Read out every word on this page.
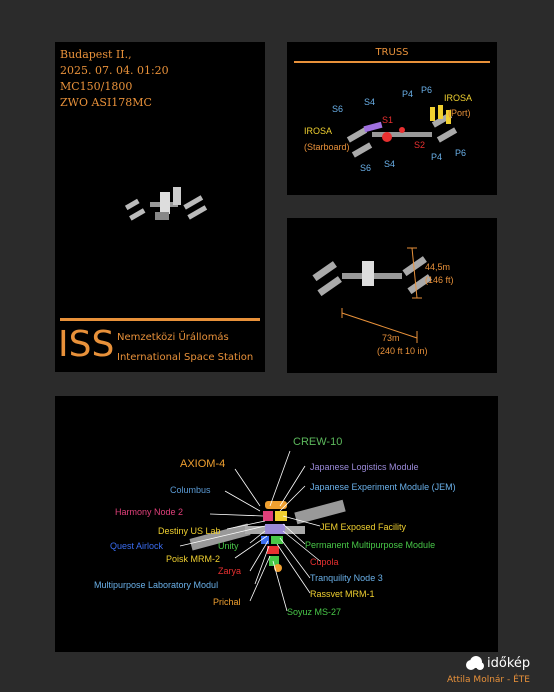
Budapest II.,
2025. 07. 04. 01:20
MC150/1800
ZWO ASI178MC
ISS Nemzetközi Űrállomás
International Space Station
TRUSS
S6
S4
P4 P6
S1
S2
S6 S4
P4 P6
IROSA
(Starboard)
IROSA
(Port)
44,5m
(146 ft)
73m
(240 ft 10 in)
CREW-10
AXIOM-4
Columbus
Harmony Node 2
Destiny US Lab
Quest Airlock	Unity
Poisk MRM-2
Zarya
Multipurpose Laboratory Modul
Prichal
Japanese Logistics Module
Japanese Experiment Module (JEM)
JEM Exposed Facility
Permanent Multipurpose Module
Cupola
Tranquility Node 3
Rassvet MRM-1
Soyuz MS-27
időkép
Attila Molnár - ÉTE
